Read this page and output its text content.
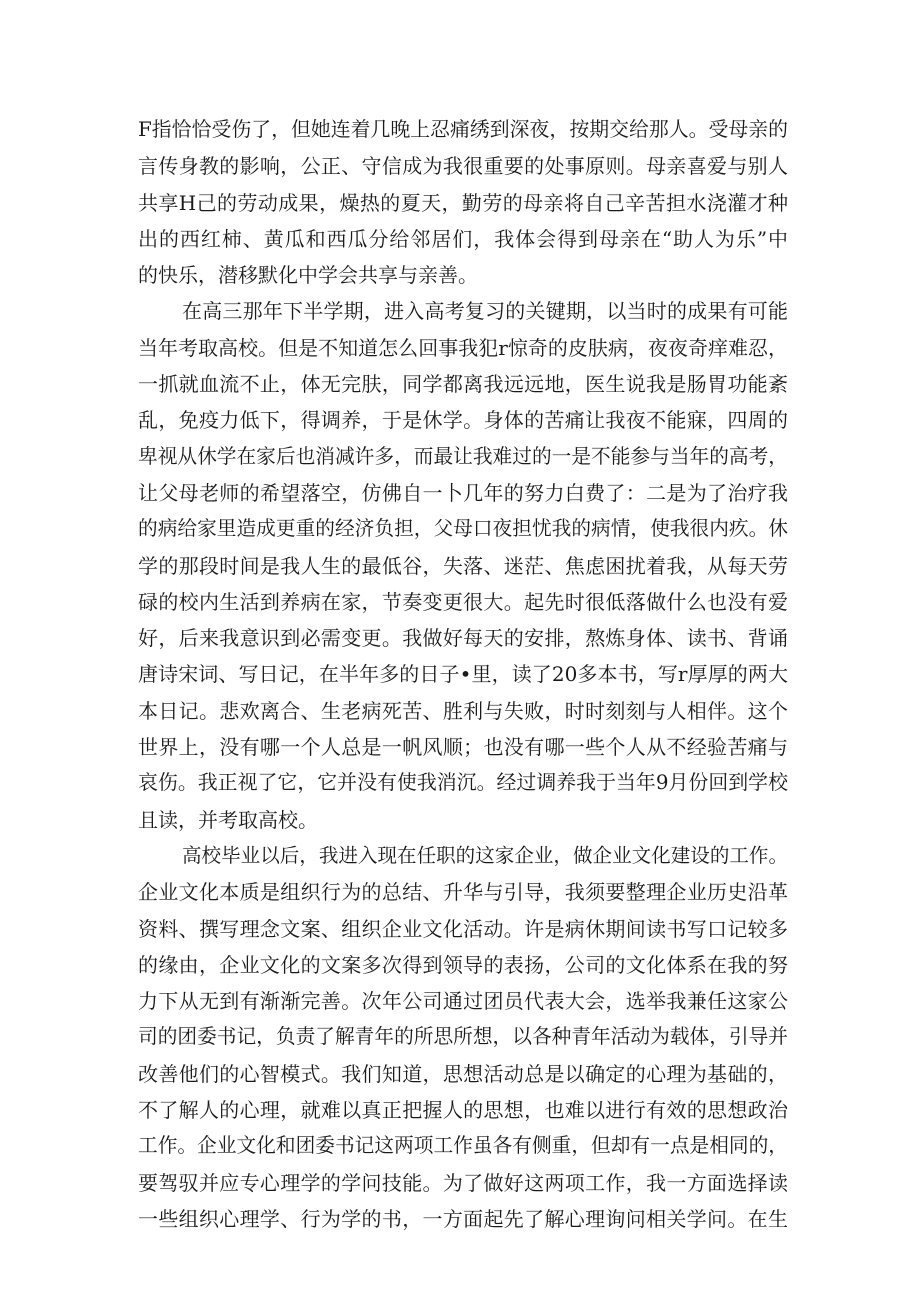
F指恰恰受伤了，但她连着几晚上忍痛绣到深夜，按期交给那人。受母亲的
言传身教的影响，公正、守信成为我很重要的处事原则。母亲喜爱与别人
共享H己的劳动成果，燥热的夏天，勤劳的母亲将自己辛苦担水浇灌才种
出的西红柿、黄瓜和西瓜分给邻居们，我体会得到母亲在“助人为乐”中
的快乐，潜移默化中学会共享与亲善。
在高三那年下半学期，进入高考复习的关键期，以当时的成果有可能
当年考取高校。但是不知道怎么回事我犯r惊奇的皮肤病，夜夜奇痒难忍，
一抓就血流不止，体无完肤，同学都离我远远地，医生说我是肠胃功能紊
乱，免疫力低下，得调养，于是休学。身体的苦痛让我夜不能寐，四周的
卑视从休学在家后也消减许多，而最让我难过的一是不能参与当年的高考，
让父母老师的希望落空，仿佛自一卜几年的努力白费了：二是为了治疗我
的病给家里造成更重的经济负担，父母口夜担忧我的病情，使我很内疚。休
学的那段时间是我人生的最低谷，失落、迷茫、焦虑困扰着我，从每天劳
碌的校内生活到养病在家，节奏变更很大。起先时很低落做什么也没有爱
好，后来我意识到必需变更。我做好每天的安排，熬炼身体、读书、背诵
唐诗宋词、写日记，在半年多的日子•里，读了20多本书，写r厚厚的两大
本日记。悲欢离合、生老病死苦、胜利与失败，时时刻刻与人相伴。这个
世界上，没有哪一个人总是一帆风顺；也没有哪一些个人从不经验苦痛与
哀伤。我正视了它，它并没有使我消沉。经过调养我于当年9月份回到学校
且读，并考取高校。
高校毕业以后，我进入现在任职的这家企业，做企业文化建设的工作。
企业文化本质是组织行为的总结、升华与引导，我须要整理企业历史沿革
资料、撰写理念文案、组织企业文化活动。许是病休期间读书写口记较多
的缘由，企业文化的文案多次得到领导的表扬，公司的文化体系在我的努
力下从无到有渐渐完善。次年公司通过团员代表大会，选举我兼任这家公
司的团委书记，负责了解青年的所思所想，以各种青年活动为载体，引导并
改善他们的心智模式。我们知道，思想活动总是以确定的心理为基础的，
不了解人的心理，就难以真正把握人的思想，也难以进行有效的思想政治
工作。企业文化和团委书记这两项工作虽各有侧重，但却有一点是相同的，
要驾驭并应专心理学的学问技能。为了做好这两项工作，我一方面选择读
一些组织心理学、行为学的书，一方面起先了解心理询问相关学问。在生
